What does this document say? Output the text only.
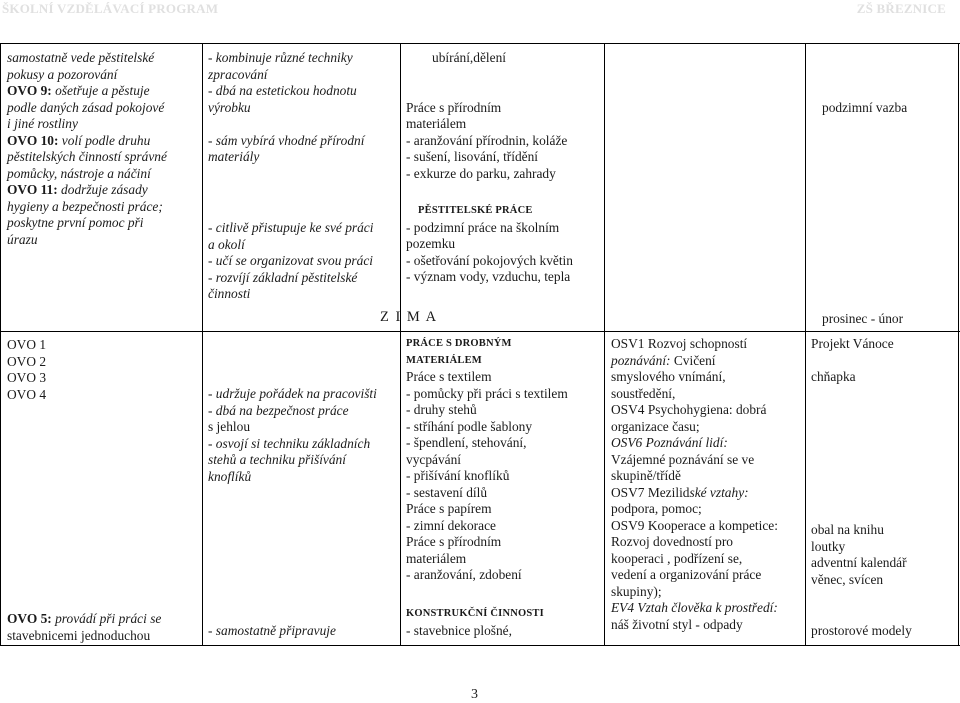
ŠKOLNÍ VZDĚLÁVACÍ PROGRAM	ZŠ BŘEZNICE
samostatně vede pěstitelské
pokusy a pozorování
OVO 9: ošetřuje a pěstuje
podle daných zásad pokojové
i jiné rostliny
OVO 10: volí podle druhu
pěstitelských činností správné
pomůcky, nástroje a náčiní
OVO 11: dodržuje zásady
hygieny a bezpečnosti práce;
poskytne první pomoc při
úrazu
- kombinuje různé techniky
zpracování
- dbá na estetickou hodnotu
výrobku
- sám vybírá vhodné přírodní
materiály
- citlivě přistupuje ke své práci
a okolí
- učí se organizovat svou práci
- rozvíjí základní pěstitelské
činnosti
ubírání,dělení
Práce s přírodním
materiálem
- aranžování přírodnin, koláže
- sušení, lisování, třídění
- exkurze do parku, zahrady
PĚSTITELSKÉ PRÁCE
- podzimní práce na školním
pozemku
- ošetřování pokojových květin
- význam vody, vzduchu, tepla
podzimní vazba
Z I M A	prosinec - únor
OVO 1
OVO 2
OVO 3
OVO 4
OVO 5: provádí při práci se
stavebnicemi jednoduchou
- udržuje pořádek na pracovišti
- dbá na bezpečnost práce
s jehlou
- osvojí si techniku základních
stehů a techniku přišívání
knoflíků
- samostatně připravuje
PRÁCE S DROBNÝM
MATERIÁLEM
Práce s textilem
- pomůcky při práci s textilem
- druhy stehů
- stříhání podle šablony
- špendlení, stehování,
vycpávání
- přišívání knoflíků
- sestavení dílů
Práce s papírem
- zimní dekorace
Práce s přírodním
materiálem
- aranžování, zdobení
KONSTRUKČNÍ ČINNOSTI
- stavebnice plošné,
OSV1 Rozvoj schopností
poznávání: Cvičení
smyslového vnímání,
soustředění,
OSV4 Psychohygiena: dobrá
organizace času;
OSV6 Poznávání lidí:
Vzájemné poznávání se ve
skupině/třídě
OSV7 Mezilidské vztahy:
podpora, pomoc;
OSV9 Kooperace a kompetice:
Rozvoj dovedností pro
kooperaci , podřízení se,
vedení a organizování práce
skupiny);
EV4 Vztah člověka k prostředí:
náš životní styl - odpady
Projekt Vánoce
chňapka
obal na knihu
loutky
adventní kalendář
věnec, svícen
prostorové modely
3
